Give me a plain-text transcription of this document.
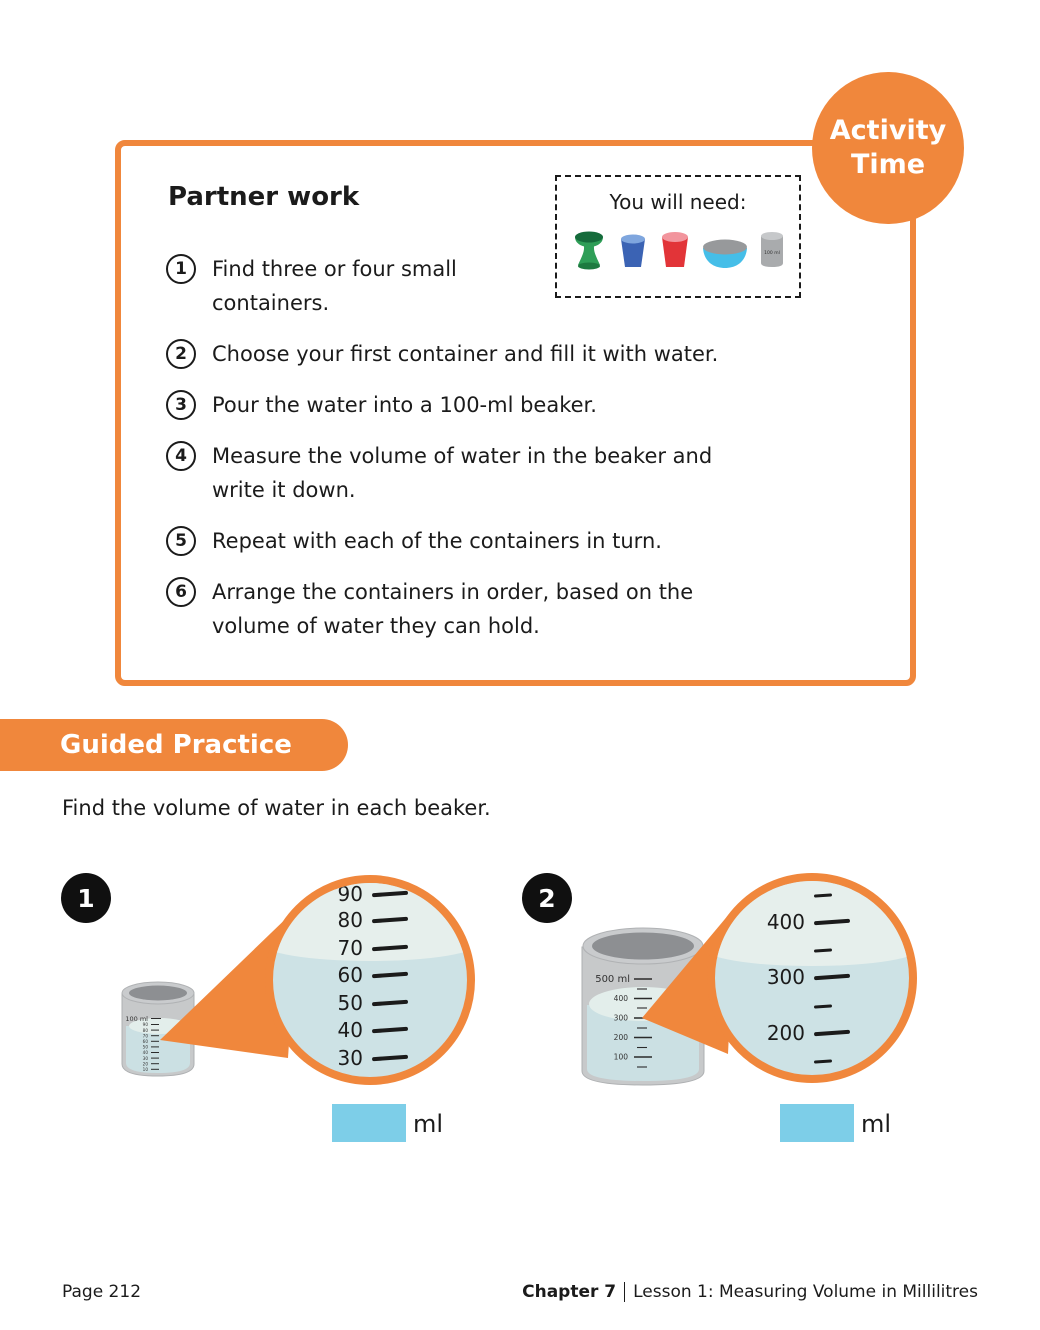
Activity
Time
Partner work	You will need:
100 ml
1	Find three or four small containers.
2	Choose your first container and fill it with water.
3	Pour the water into a 100-ml beaker.
4	Measure the volume of water in the beaker and write it down.
5	Repeat with each of the containers in turn.
6	Arrange the containers in order, based on the volume of water they can hold.
Guided Practice
Find the volume of water in each beaker.
1
100 ml
90
80
70
60
50
40
30
20
10
90
80
70
60
50
40
30
ml
2
500 ml
400
300
200
100
400
300
200
ml
Page 212	Chapter 7 Lesson 1: Measuring Volume in Millilitres
